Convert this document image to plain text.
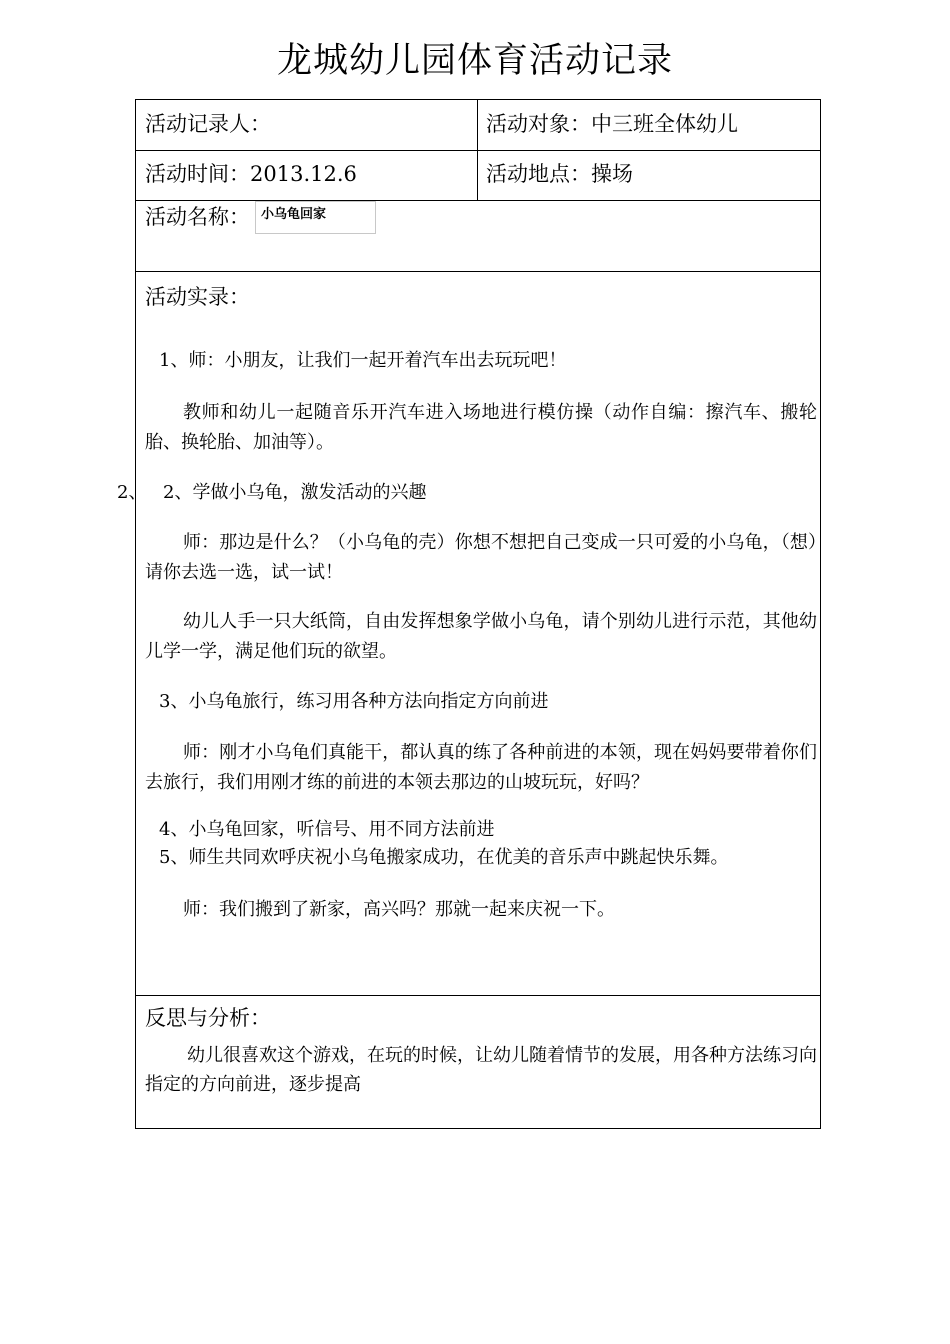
龙城幼儿园体育活动记录
活动记录人：	活动对象：中三班全体幼儿
活动时间：2013.12.6	活动地点：操场
活动名称： 小乌龟回家
活动实录：
1、师：小朋友，让我们一起开着汽车出去玩玩吧！
教师和幼儿一起随音乐开汽车进入场地进行模仿操（动作自编：擦汽车、搬轮胎、换轮胎、加油等）。
2、 2、学做小乌龟，激发活动的兴趣
师：那边是什么？（小乌龟的壳）你想不想把自己变成一只可爱的小乌龟，（想）请你去选一选，试一试！
幼儿人手一只大纸筒，自由发挥想象学做小乌龟，请个别幼儿进行示范，其他幼儿学一学，满足他们玩的欲望。
3、小乌龟旅行，练习用各种方法向指定方向前进
师：刚才小乌龟们真能干，都认真的练了各种前进的本领，现在妈妈要带着你们去旅行，我们用刚才练的前进的本领去那边的山坡玩玩，好吗？
4、小乌龟回家，听信号、用不同方法前进
5、师生共同欢呼庆祝小乌龟搬家成功，在优美的音乐声中跳起快乐舞。
师：我们搬到了新家，高兴吗？那就一起来庆祝一下。
反思与分析：
幼儿很喜欢这个游戏，在玩的时候，让幼儿随着情节的发展，用各种方法练习向指定的方向前进，逐步提高
